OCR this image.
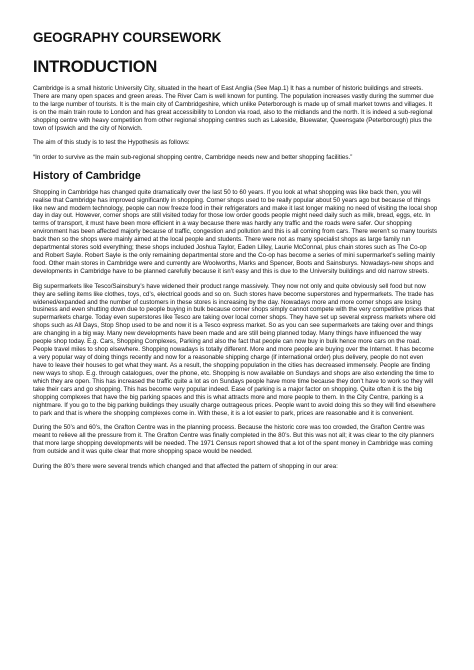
GEOGRAPHY COURSEWORK
INTRODUCTION

Cambridge is a small historic University City, situated in the heart of East Anglia (See Map.1) It has a number of historic buildings and streets. There are many open spaces and green areas. The River Cam is well known for punting. The population increases vastly during the summer due to the large number of tourists. It is the main city of Cambridgeshire, which unlike Peterborough is made up of small market towns and villages. It is on the main train route to London and has great accessibility to London via road, also to the midlands and the north. It is indeed a sub-regional shopping centre with heavy competition from other regional shopping centres such as Lakeside, Bluewater, Queensgate (Peterborough) plus the town of Ipswich and the city of Norwich.

The aim of this study is to test the Hypothesis as follows:

“In order to survive as the main sub-regional shopping centre, Cambridge needs new and better shopping facilities.”

History of Cambridge

Shopping in Cambridge has changed quite dramatically over the last 50 to 60 years. If you look at what shopping was like back then, you will realise that Cambridge has improved significantly in shopping. Corner shops used to be really popular about 50 years ago but because of things like new and modern technology, people can now freeze food in their refrigerators and make it last longer making no need of visiting the local shop day in day out. However, corner shops are still visited today for those low order goods people might need daily such as milk, bread, eggs, etc. In terms of transport, it must have been more efficient in a way because there was hardly any traffic and the roads were safer. Our shopping environment has been affected majorly because of traffic, congestion and pollution and this is all coming from cars. There weren’t so many tourists back then so the shops were mainly aimed at the local people and students. There were not as many specialist shops as large family run departmental stores sold everything; these shops included Joshua Taylor, Eaden Lilley, Laurie McConnal, plus chain stores such as The Co-op and Robert Sayle. Robert Sayle is the only remaining departmental store and the Co-op has become a series of mini supermarket’s selling mainly food. Other main stores in Cambridge were and currently are Woolworths, Marks and Spencer, Boots and Sainsburys. Nowadays-new shops and developments in Cambridge have to be planned carefully because it isn’t easy and this is due to the University buildings and old narrow streets.

Big supermarkets like Tesco/Sainsbury’s have widened their product range massively. They now not only and quite obviously sell food but now they are selling items like clothes, toys, cd’s, electrical goods and so on. Such stores have become superstores and hypermarkets. The trade has widened/expanded and the number of customers in these stores is increasing by the day. Nowadays more and more corner shops are losing business and even shutting down due to people buying in bulk because corner shops simply cannot compete with the very competitive prices that supermarkets charge. Today even superstores like Tesco are taking over local corner shops. They have set up several express markets where old shops such as All Days, Stop Shop used to be and now it is a Tesco express market. So as you can see supermarkets are taking over and things are changing in a big way. Many new developments have been made and are still being planned today. Many things have influenced the way people shop today. E.g. Cars, Shopping Complexes, Parking and also the fact that people can now buy in bulk hence more cars on the road. People travel miles to shop elsewhere. Shopping nowadays is totally different. More and more people are buying over the Internet. It has become a very popular way of doing things recently and now for a reasonable shipping charge (if international order) plus delivery, people do not even have to leave their houses to get what they want. As a result, the shopping population in the cities has decreased immensely. People are finding new ways to shop. E.g. through catalogues, over the phone, etc. Shopping is now available on Sundays and shops are also extending the time to which they are open. This has increased the traffic quite a lot as on Sundays people have more time because they don’t have to work so they will take their cars and go shopping. This has become very popular indeed. Ease of parking is a major factor on shopping. Quite often it is the big shopping complexes that have the big parking spaces and this is what attracts more and more people to them. In the City Centre, parking is a nightmare. If you go to the big parking buildings they usually charge outrageous prices. People want to avoid doing this so they will find elsewhere to park and that is where the shopping complexes come in. With these, it is a lot easier to park, prices are reasonable and it is convenient.

During the 50’s and 60’s, the Grafton Centre was in the planning process. Because the historic core was too crowded, the Grafton Centre was meant to relieve all the pressure from it. The Grafton Centre was finally completed in the 80’s. But this was not all; it was clear to the city planners that more large shopping developments will be needed. The 1971 Census report showed that a lot of the spent money in Cambridge was coming from outside and it was quite clear that more shopping space would be needed.

During the 80’s there were several trends which changed and that affected the pattern of shopping in our area:
